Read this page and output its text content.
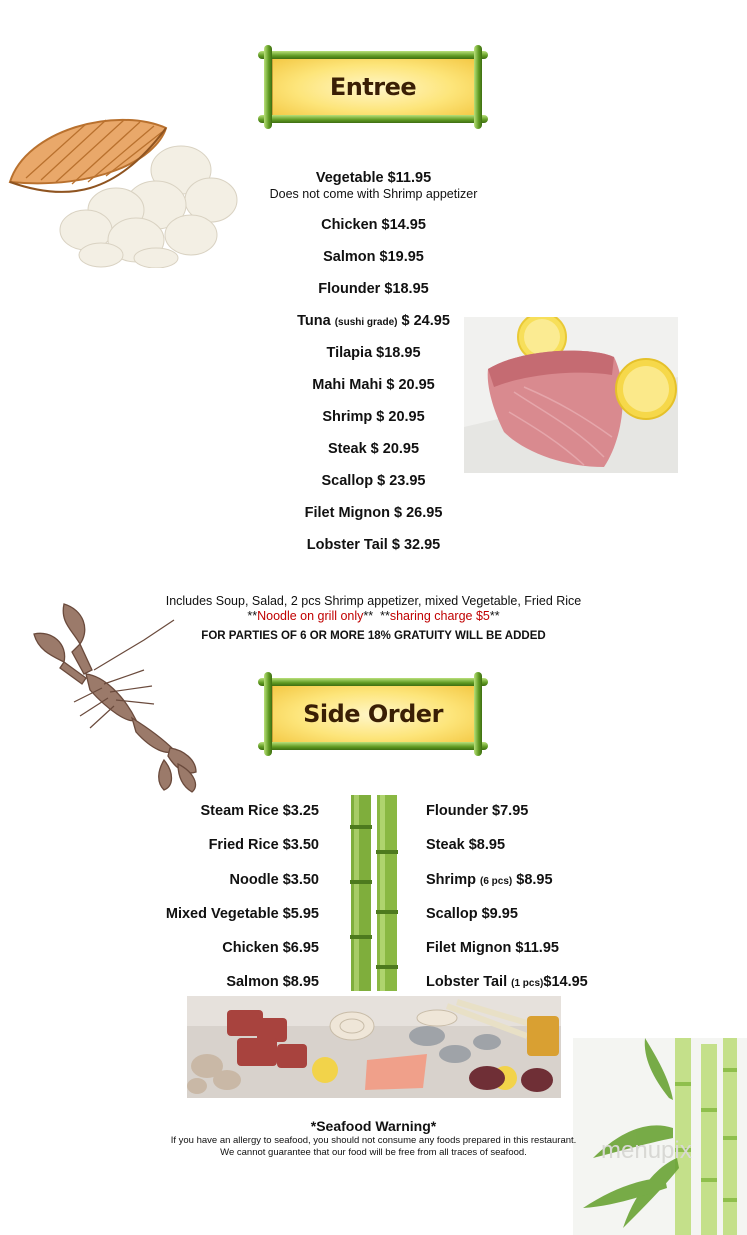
Entree
Vegetable $11.95
Does not come with Shrimp appetizer
Chicken $14.95
Salmon $19.95
Flounder $18.95
Tuna (sushi grade) $ 24.95
Tilapia $18.95
Mahi Mahi $ 20.95
Shrimp $ 20.95
Steak $ 20.95
Scallop $ 23.95
Filet Mignon $ 26.95
Lobster Tail $ 32.95
Includes Soup, Salad, 2 pcs Shrimp appetizer, mixed Vegetable, Fried Rice
**Noodle on grill only**  **sharing charge $5**
FOR PARTIES OF 6 OR MORE 18% GRATUITY WILL BE ADDED
Side Order
Steam Rice $3.25
Fried Rice $3.50
Noodle $3.50
Mixed Vegetable $5.95
Chicken $6.95
Salmon $8.95
Flounder $7.95
Steak $8.95
Shrimp (6 pcs) $8.95
Scallop $9.95
Filet Mignon $11.95
Lobster Tail (1 pcs)$14.95
menupix
*Seafood Warning*
If you have an allergy to seafood, you should not consume any foods prepared in this restaurant.
We cannot guarantee that our food will be free from all traces of seafood.
